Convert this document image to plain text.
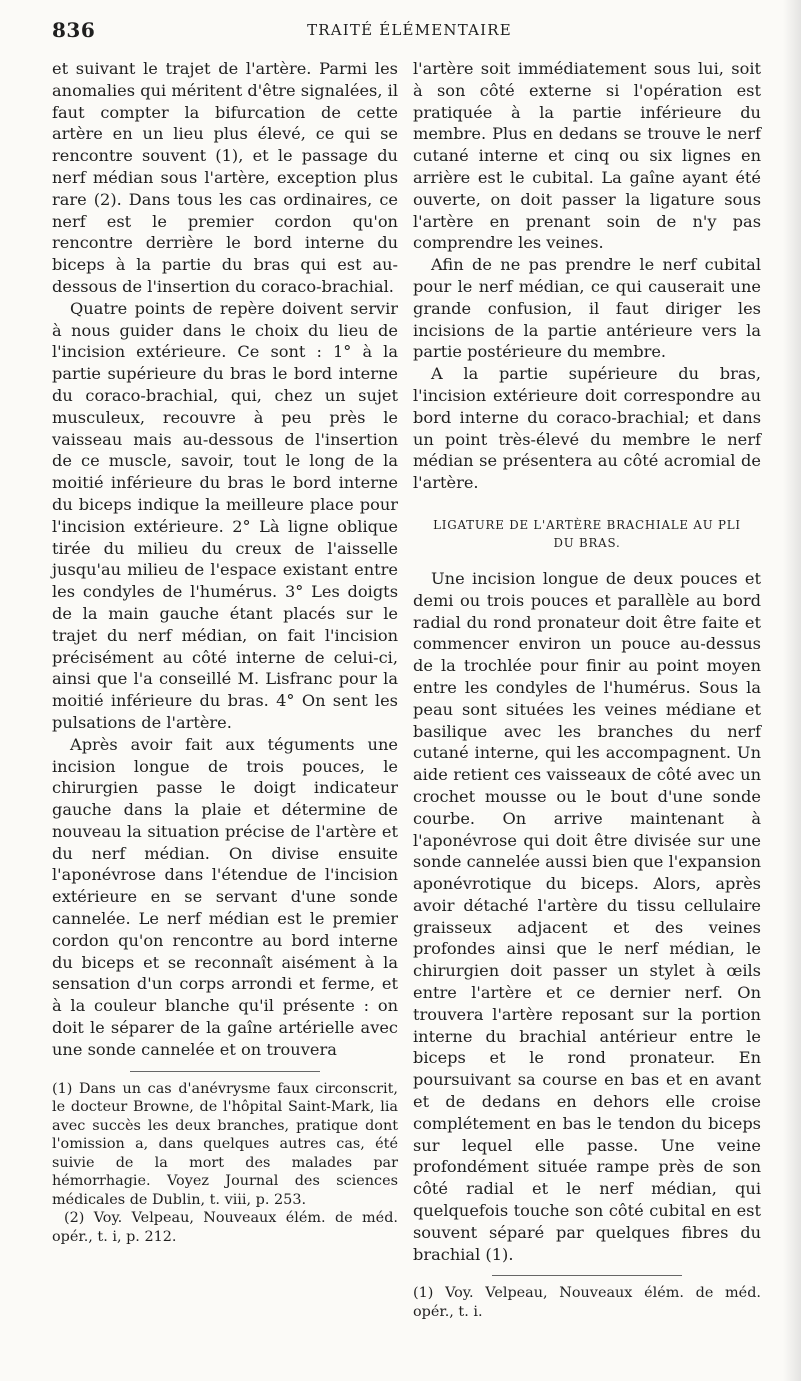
836	TRAITÉ ÉLÉMENTAIRE

et suivant le trajet de l'artère. Parmi les anomalies qui méritent d'être signalées, il faut compter la bifurcation de cette artère en un lieu plus élevé, ce qui se rencontre souvent (1), et le passage du nerf médian sous l'artère, exception plus rare (2). Dans tous les cas ordinaires, ce nerf est le premier cordon qu'on rencontre derrière le bord interne du biceps à la partie du bras qui est au-dessous de l'insertion du coraco-brachial.

Quatre points de repère doivent servir à nous guider dans le choix du lieu de l'incision extérieure. Ce sont : 1° à la partie supérieure du bras le bord interne du coraco-brachial, qui, chez un sujet musculeux, recouvre à peu près le vaisseau mais au-dessous de l'insertion de ce muscle, savoir, tout le long de la moitié inférieure du bras le bord interne du biceps indique la meilleure place pour l'incision extérieure. 2° Là ligne oblique tirée du milieu du creux de l'aisselle jusqu'au milieu de l'espace existant entre les condyles de l'humérus. 3° Les doigts de la main gauche étant placés sur le trajet du nerf médian, on fait l'incision précisément au côté interne de celui-ci, ainsi que l'a conseillé M. Lisfranc pour la moitié inférieure du bras. 4° On sent les pulsations de l'artère.

Après avoir fait aux téguments une incision longue de trois pouces, le chirurgien passe le doigt indicateur gauche dans la plaie et détermine de nouveau la situation précise de l'artère et du nerf médian. On divise ensuite l'aponévrose dans l'étendue de l'incision extérieure en se servant d'une sonde cannelée. Le nerf médian est le premier cordon qu'on rencontre au bord interne du biceps et se reconnaît aisément à la sensation d'un corps arrondi et ferme, et à la couleur blanche qu'il présente : on doit le séparer de la gaîne artérielle avec une sonde cannelée et on trouvera

(1) Dans un cas d'anévrysme faux circonscrit, le docteur Browne, de l'hôpital Saint-Mark, lia avec succès les deux branches, pratique dont l'omission a, dans quelques autres cas, été suivie de la mort des malades par hémorrhagie. Voyez Journal des sciences médicales de Dublin, t. viii, p. 253.

(2) Voy. Velpeau, Nouveaux élém. de méd. opér., t. i, p. 212.

l'artère soit immédiatement sous lui, soit à son côté externe si l'opération est pratiquée à la partie inférieure du membre. Plus en dedans se trouve le nerf cutané interne et cinq ou six lignes en arrière est le cubital. La gaîne ayant été ouverte, on doit passer la ligature sous l'artère en prenant soin de n'y pas comprendre les veines.

Afin de ne pas prendre le nerf cubital pour le nerf médian, ce qui causerait une grande confusion, il faut diriger les incisions de la partie antérieure vers la partie postérieure du membre.

A la partie supérieure du bras, l'incision extérieure doit correspondre au bord interne du coraco-brachial; et dans un point très-élevé du membre le nerf médian se présentera au côté acromial de l'artère.

LIGATURE DE L'ARTÈRE BRACHIALE AU PLI
DU BRAS.

Une incision longue de deux pouces et demi ou trois pouces et parallèle au bord radial du rond pronateur doit être faite et commencer environ un pouce au-dessus de la trochlée pour finir au point moyen entre les condyles de l'humérus. Sous la peau sont situées les veines médiane et basilique avec les branches du nerf cutané interne, qui les accompagnent. Un aide retient ces vaisseaux de côté avec un crochet mousse ou le bout d'une sonde courbe. On arrive maintenant à l'aponévrose qui doit être divisée sur une sonde cannelée aussi bien que l'expansion aponévrotique du biceps. Alors, après avoir détaché l'artère du tissu cellulaire graisseux adjacent et des veines profondes ainsi que le nerf médian, le chirurgien doit passer un stylet à œils entre l'artère et ce dernier nerf. On trouvera l'artère reposant sur la portion interne du brachial antérieur entre le biceps et le rond pronateur. En poursuivant sa course en bas et en avant et de dedans en dehors elle croise complétement en bas le tendon du biceps sur lequel elle passe. Une veine profondément située rampe près de son côté radial et le nerf médian, qui quelquefois touche son côté cubital en est souvent séparé par quelques fibres du brachial (1).

(1) Voy. Velpeau, Nouveaux élém. de méd. opér., t. i.
